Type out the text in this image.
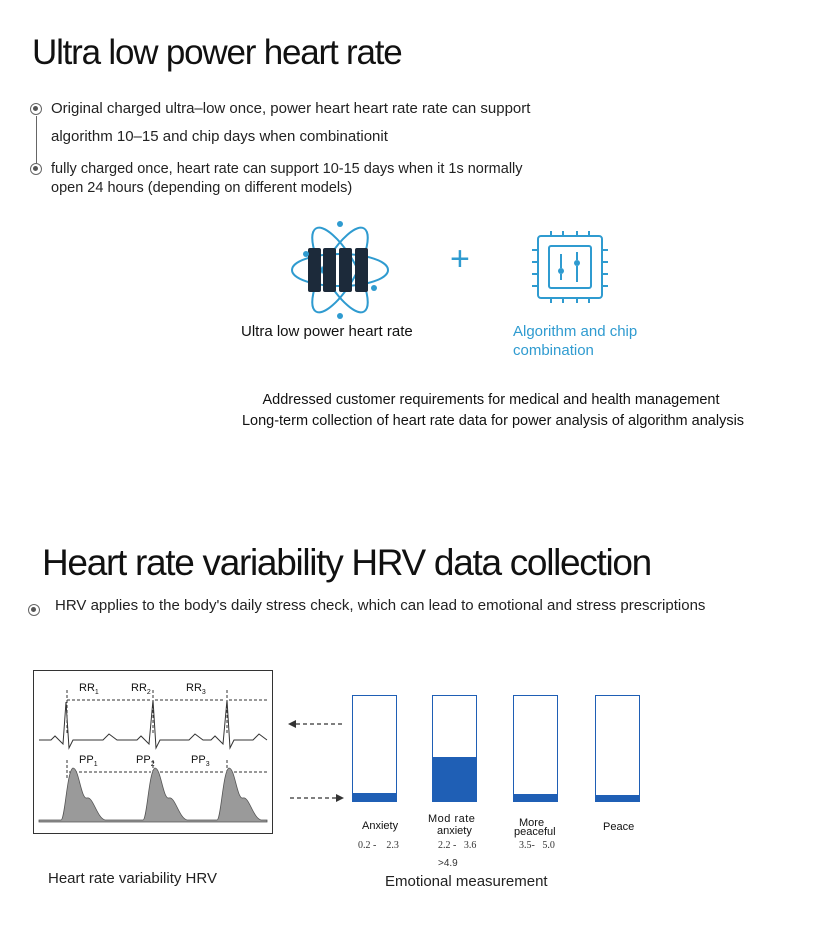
Ultra low power heart rate
Original charged ultra–low once, power heart heart rate rate can support
algorithm 10–15 and chip days when combinationit
fully charged once, heart rate can support 10-15 days when it 1s normally
open 24 hours (depending on different models)
Ultra low power heart rate
+
Algorithm and chip
combination
Addressed customer requirements for medical and health management
Long-term collection of heart rate data for power analysis of algorithm analysis
Heart rate variability HRV data collection
HRV applies to the body's daily stress check, which can lead to emotional and stress prescriptions
$RR_1$	$RR_2$	$RR_3$
$PP_1$	$PP_2$	$PP_3$
Heart rate variability HRV
Anxiety
Mod rate
anxiety
More
peaceful	Peace
0.2 -    2.3	2.2 -   3.6	3.5-   5.0
>4.9
Emotional measurement
